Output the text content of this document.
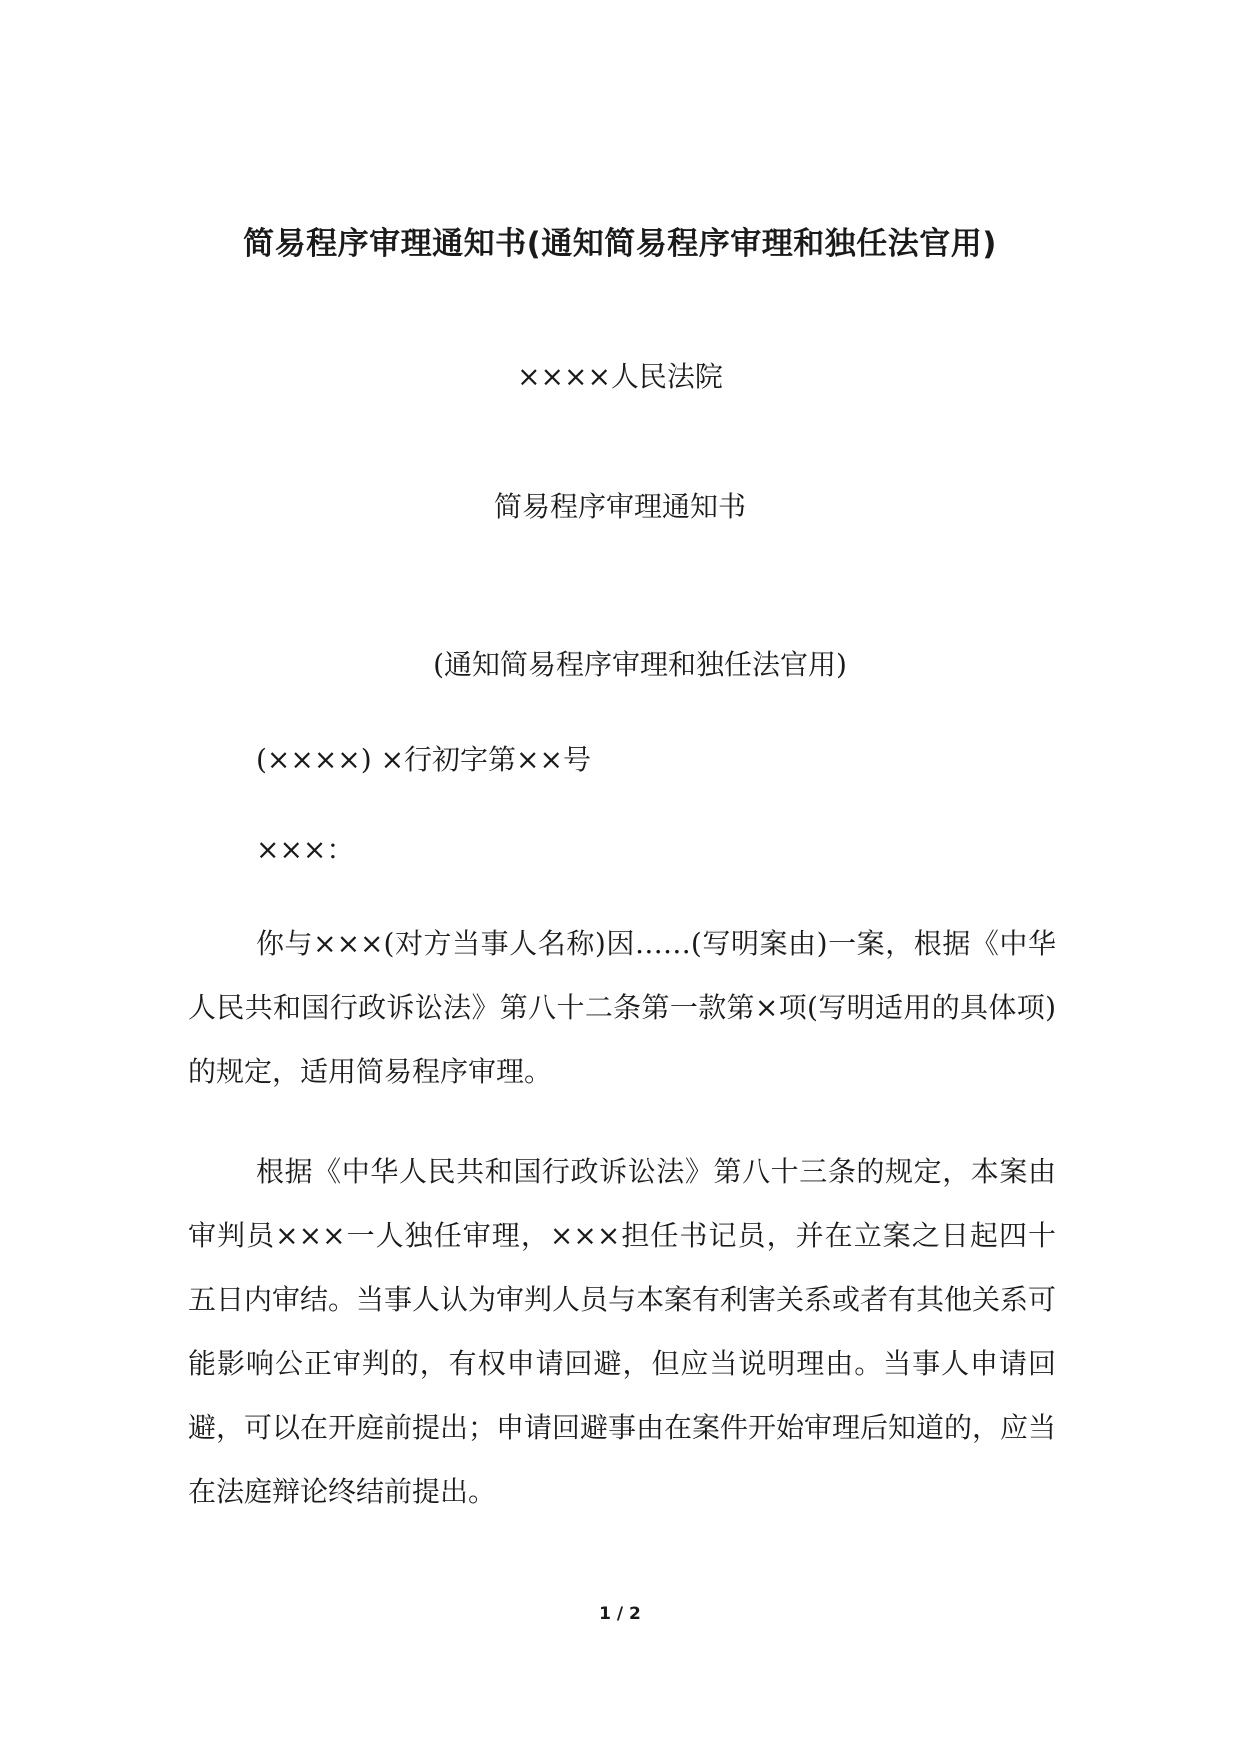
简易程序审理通知书(通知简易程序审理和独任法官用)

××××人民法院

简易程序审理通知书

(通知简易程序审理和独任法官用)

(××××) ×行初字第××号

×××：

你与×××(对方当事人名称)因……(写明案由)一案，根据《中华人民共和国行政诉讼法》第八十二条第一款第×项(写明适用的具体项)的规定，适用简易程序审理。

根据《中华人民共和国行政诉讼法》第八十三条的规定，本案由审判员×××一人独任审理，×××担任书记员，并在立案之日起四十五日内审结。当事人认为审判人员与本案有利害关系或者有其他关系可能影响公正审判的，有权申请回避，但应当说明理由。当事人申请回避，可以在开庭前提出；申请回避事由在案件开始审理后知道的，应当在法庭辩论终结前提出。

1 / 2
